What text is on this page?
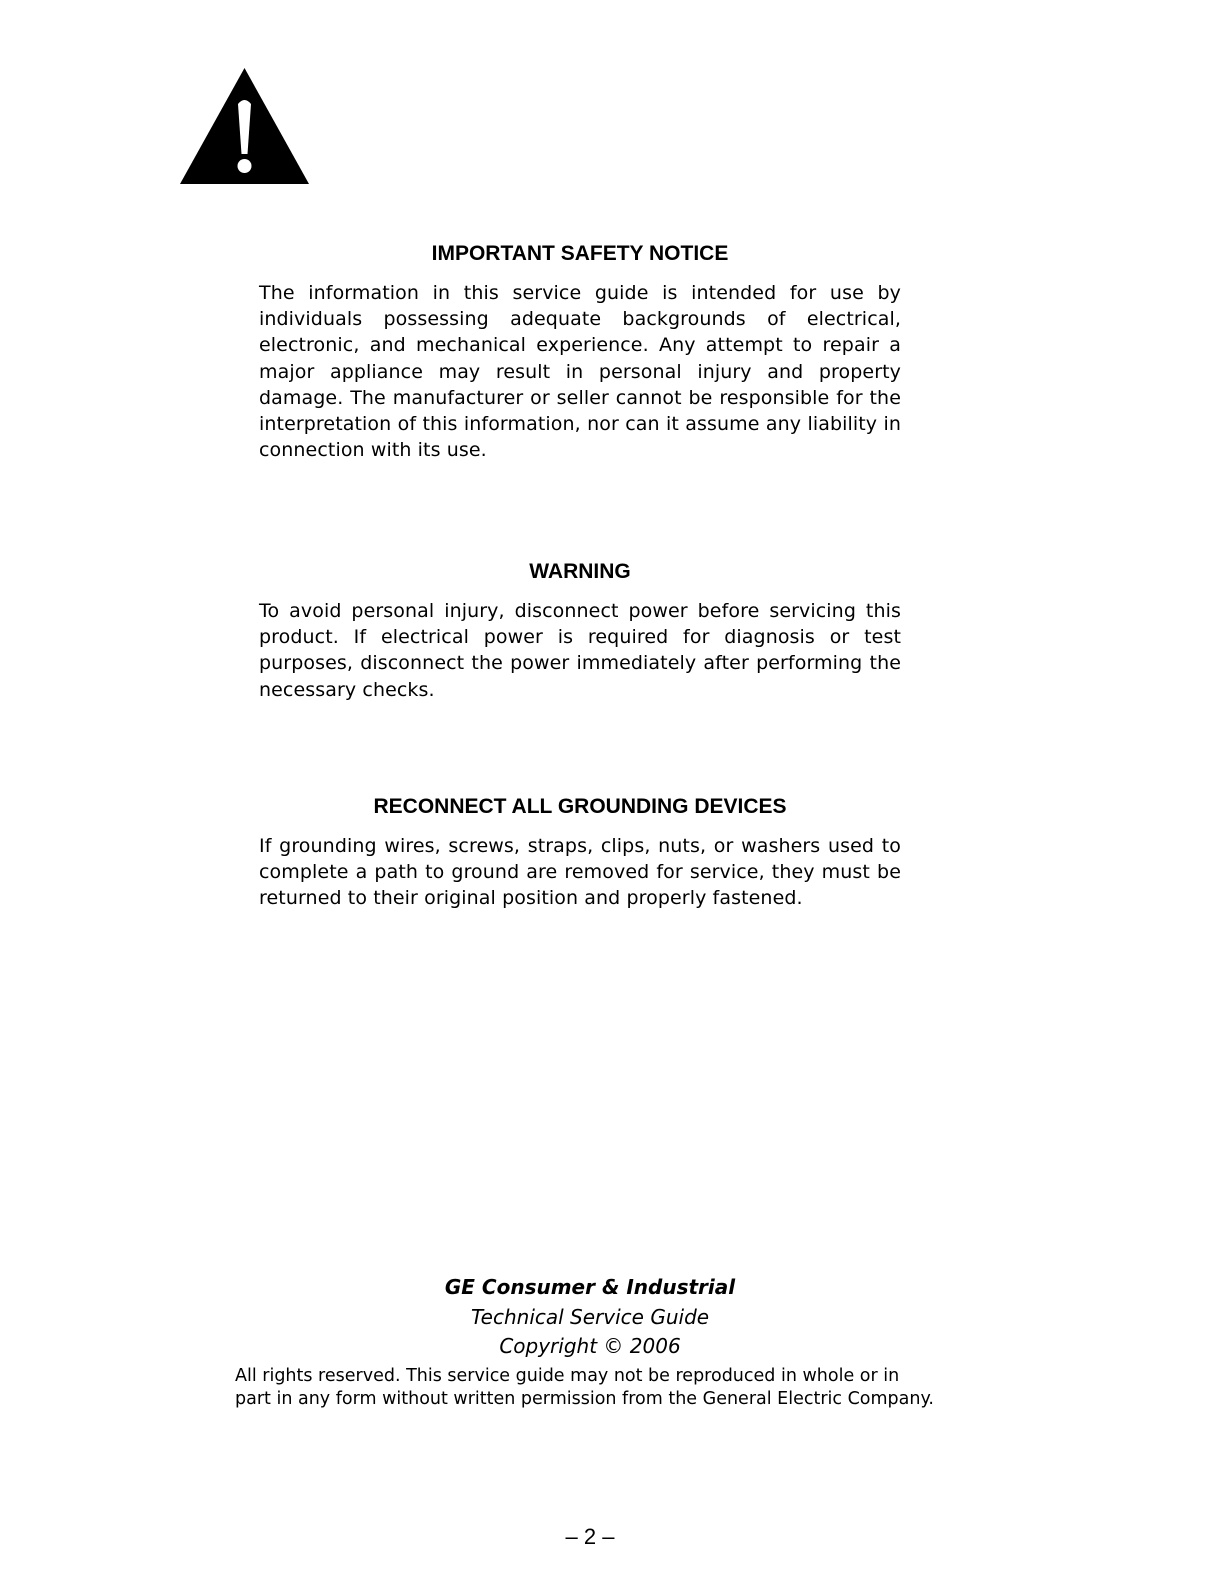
IMPORTANT SAFETY NOTICE

The information in this service guide is intended for use by individuals possessing adequate backgrounds of electrical, electronic, and mechanical experience. Any attempt to repair a major appliance may result in personal injury and property damage. The manufacturer or seller cannot be responsible for the interpretation of this information, nor can it assume any liability in connection with its use.

WARNING

To avoid personal injury, disconnect power before servicing this product. If electrical power is required for diagnosis or test purposes, disconnect the power immediately after performing the necessary checks.

RECONNECT ALL GROUNDING DEVICES

If grounding wires, screws, straps, clips, nuts, or washers used to complete a path to ground are removed for service, they must be returned to their original position and properly fastened.

GE Consumer & Industrial
Technical Service Guide
Copyright © 2006

All rights reserved. This service guide may not be reproduced in whole or in part in any form without written permission from the General Electric Company.

– 2 –
